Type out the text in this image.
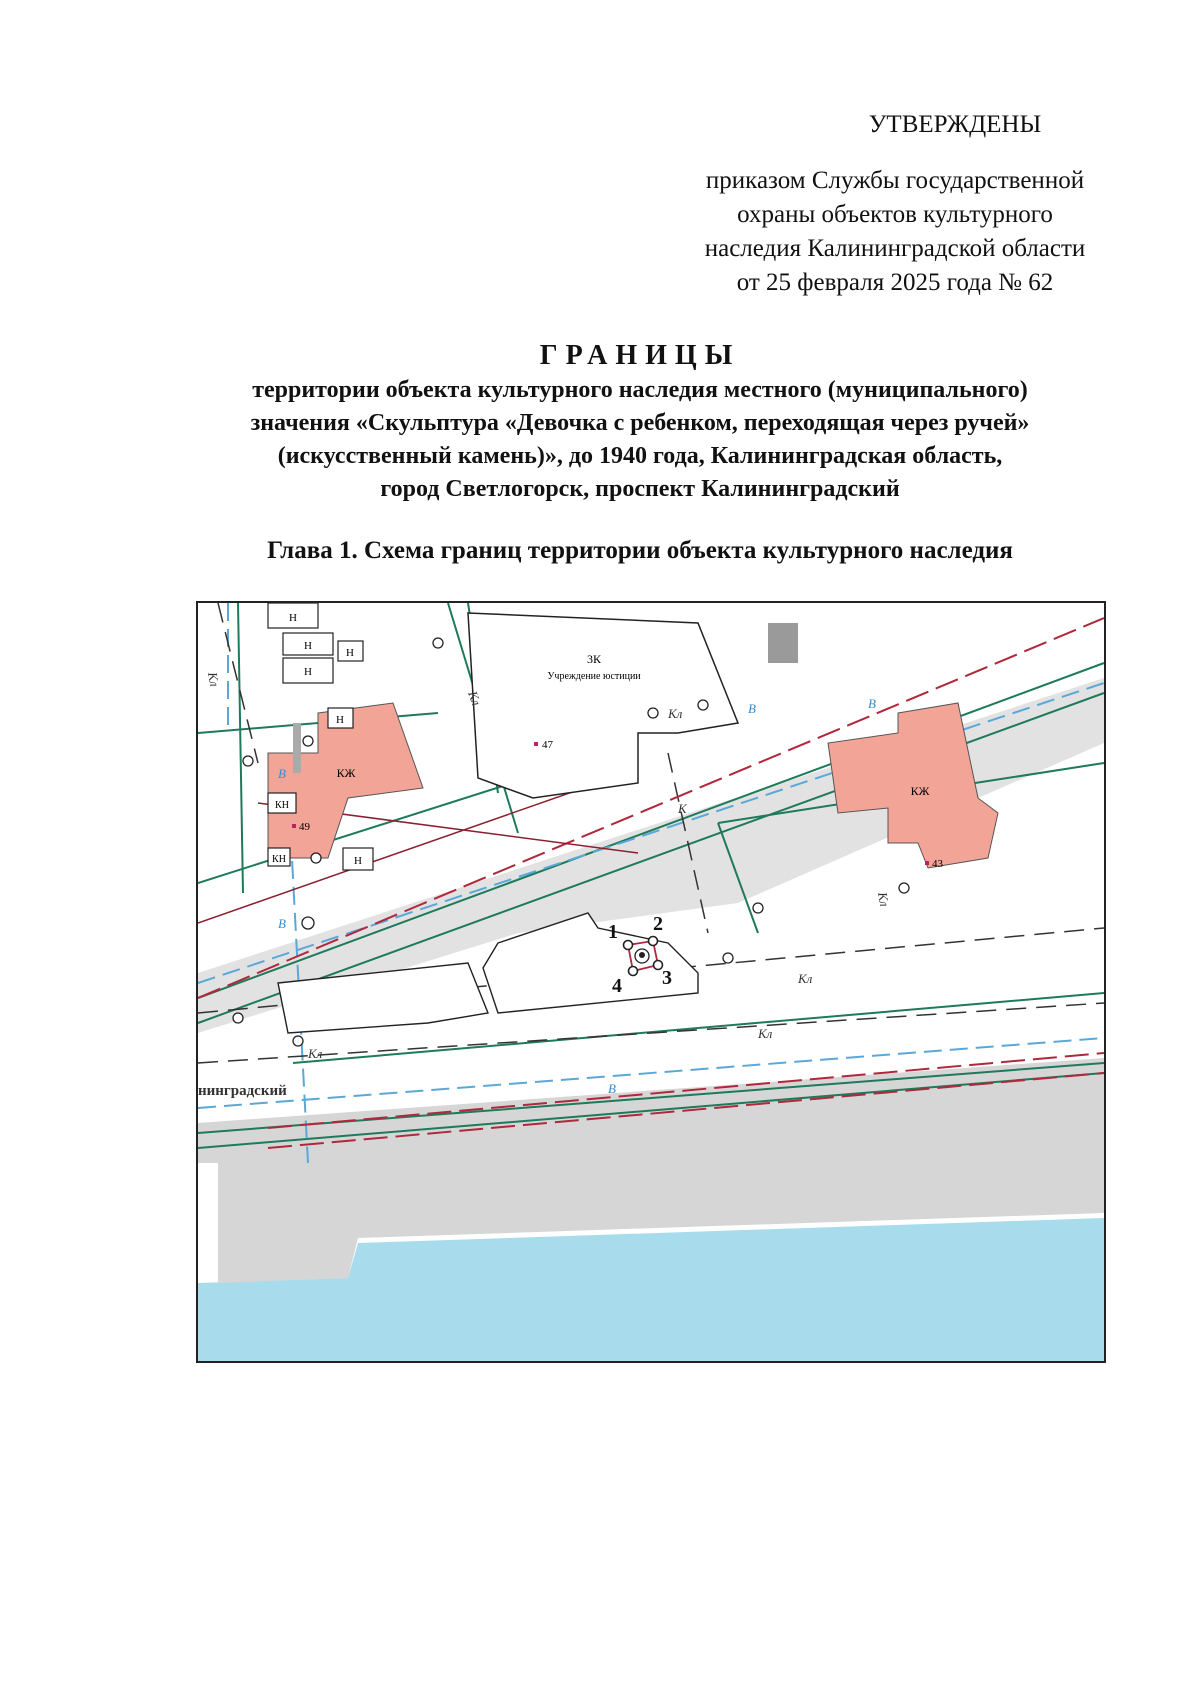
УТВЕРЖДЕНЫ
приказом Службы государственной
охраны объектов культурного
наследия Калининградской области
от 25 февраля 2025 года № 62
ГРАНИЦЫ
территории объекта культурного наследия местного (муниципального)
значения «Скульптура «Девочка с ребенком, переходящая через ручей»
(искусственный камень)», до 1940 года, Калининградская область,
город Светлогорск, проспект Калининградский
Глава 1. Схема границ территории объекта культурного наследия
3К
Учреждение юстиции
47
КЖ
49
КЖ
43
Н
Н
Н
Н
Н
Н
КН
КН
Кл
Кл
Кл
Кл
Кл
Кл
Кл
К
В
В	В
В
В
нинградский
1 2
3
4
